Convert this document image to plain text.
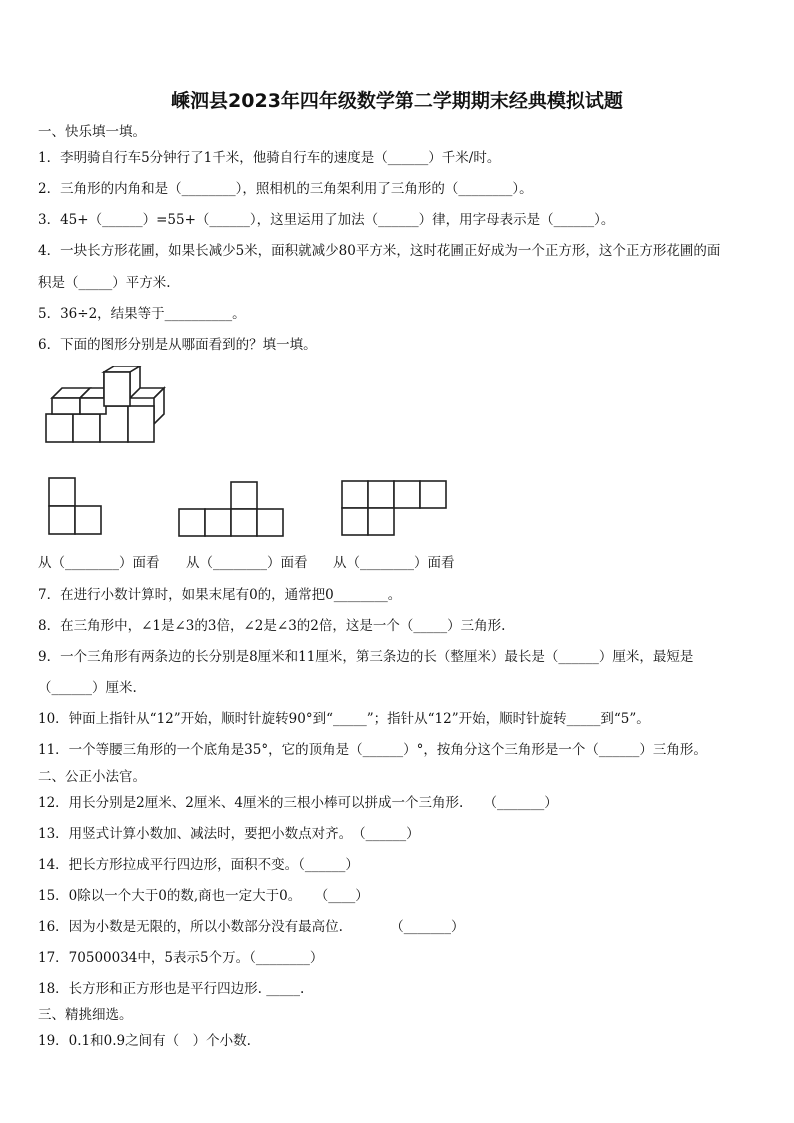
嵊泗县2023年四年级数学第二学期期末经典模拟试题
一、快乐填一填。
1．李明骑自行车5分钟行了1千米，他骑自行车的速度是（______）千米/时。
2．三角形的内角和是（________），照相机的三角架利用了三角形的（________）。
3．45+（______）=55+（______），这里运用了加法（______）律，用字母表示是（______）。
4．一块长方形花圃，如果长减少5米，面积就减少80平方米，这时花圃正好成为一个正方形，这个正方形花圃的面
积是（_____）平方米.
5．36÷2，结果等于__________。
6．下面的图形分别是从哪面看到的？填一填。
从（________）面看 从（________）面看 从（________）面看
7．在进行小数计算时，如果末尾有0的，通常把0________。
8．在三角形中，∠1是∠3的3倍，∠2是∠3的2倍，这是一个（_____）三角形.
9．一个三角形有两条边的长分别是8厘米和11厘米，第三条边的长（整厘米）最长是（______）厘米，最短是
（______）厘米.
10．钟面上指针从“12”开始，顺时针旋转90°到“_____”；指针从“12”开始，顺时针旋转_____到“5”。
11．一个等腰三角形的一个底角是35°，它的顶角是（______）°，按角分这个三角形是一个（______）三角形。
二、公正小法官。
12．用长分别是2厘米、2厘米、4厘米的三根小棒可以拼成一个三角形.　　（_______）
13．用竖式计算小数加、减法时，要把小数点对齐。　（______）
14．把长方形拉成平行四边形，面积不变。（______）
15．0除以一个大于0的数,商也一定大于0。　　（____）
16．因为小数是无限的，所以小数部分没有最高位.　　　　（_______）
17．70500034中，5表示5个万。（________）
18．长方形和正方形也是平行四边形. _____.
三、精挑细选。
19．0.1和0.9之间有（　）个小数.
